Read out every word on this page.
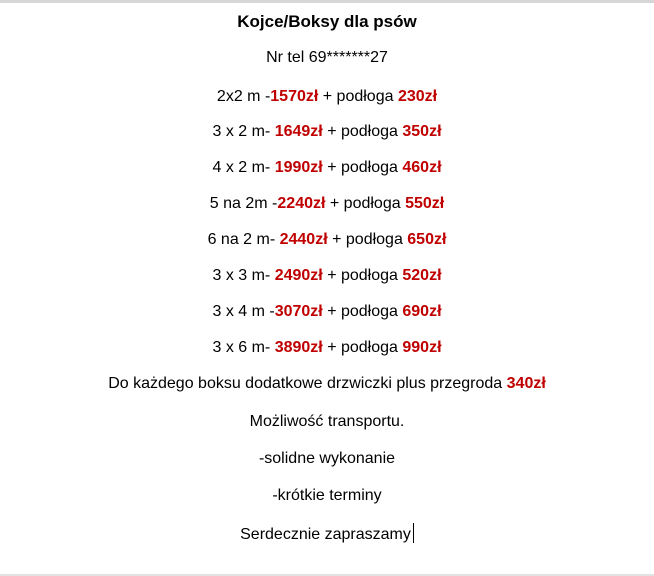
Kojce/Boksy dla psów
Nr tel 69*******27
2x2 m -1570zł + podłoga 230zł
3 x 2 m- 1649zł + podłoga 350zł
4 x 2 m- 1990zł + podłoga 460zł
5 na 2m -2240zł + podłoga 550zł
6 na 2 m- 2440zł + podłoga 650zł
3 x 3 m- 2490zł + podłoga 520zł
3 x 4 m -3070zł + podłoga 690zł
3 x 6 m- 3890zł + podłoga 990zł
Do każdego boksu dodatkowe drzwiczki plus przegroda 340zł
Możliwość transportu.
-solidne wykonanie
-krótkie terminy
Serdecznie zapraszamy
